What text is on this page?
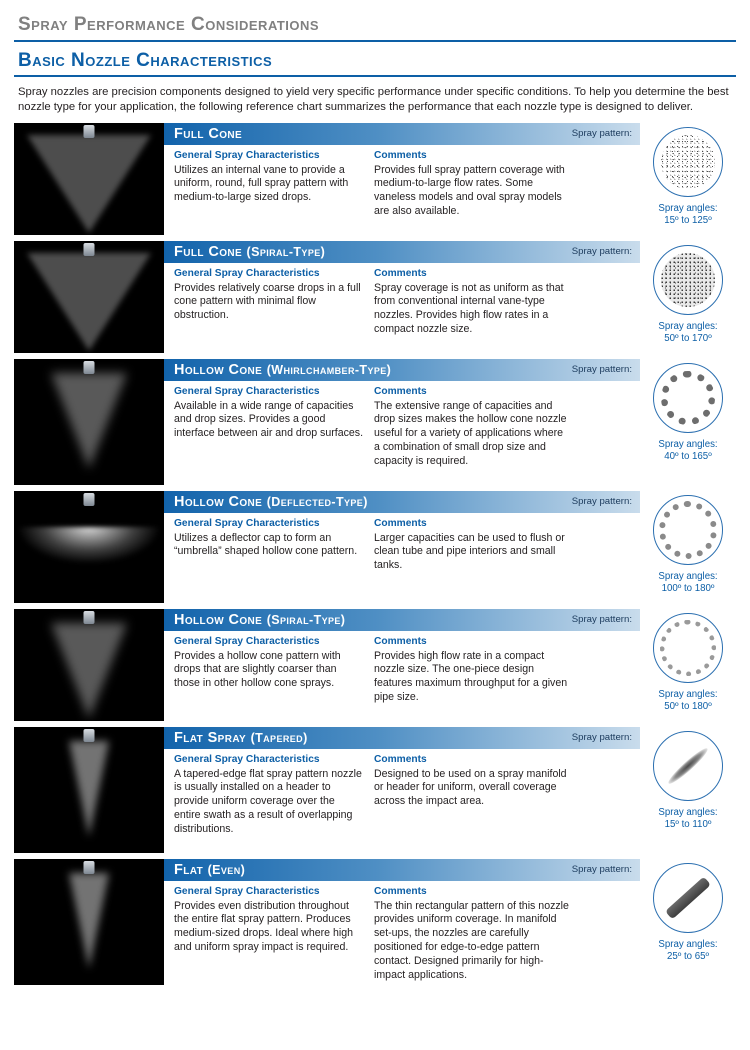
Spray Performance Considerations
Basic Nozzle Characteristics
Spray nozzles are precision components designed to yield very specific performance under specific conditions. To help you determine the best nozzle type for your application, the following reference chart summarizes the performance that each nozzle type is designed to deliver.
Full Cone	Spray pattern:
General Spray Characteristics
Utilizes an internal vane to provide a uniform, round, full spray pattern with medium-to-large sized drops.
Comments
Provides full spray pattern coverage with medium-to-large flow rates. Some vaneless models and oval spray models are also available.	Spray angles:
15º to 125º
Full Cone (Spiral-Type)	Spray pattern:
General Spray Characteristics
Provides relatively coarse drops in a full cone pattern with minimal flow obstruction.
Comments
Spray coverage is not as uniform as that from conventional internal vane-type nozzles. Provides high flow rates in a compact nozzle size.	Spray angles:
50º to 170º
Hollow Cone (Whirlchamber-Type)	Spray pattern:
General Spray Characteristics
Available in a wide range of capacities and drop sizes. Provides a good interface between air and drop surfaces.
Comments
The extensive range of capacities and drop sizes makes the hollow cone nozzle useful for a variety of applications where a combination of small drop size and capacity is required.
Spray angles:
40º to 165º
Hollow Cone (Deflected-Type)	Spray pattern:
General Spray Characteristics
Utilizes a deflector cap to form an “umbrella” shaped hollow cone pattern.
Comments
Larger capacities can be used to flush or clean tube and pipe interiors and small tanks.
Spray angles:
100º to 180º
Hollow Cone (Spiral-Type)	Spray pattern:
General Spray Characteristics
Provides a hollow cone pattern with drops that are slightly coarser than those in other hollow cone sprays.
Comments
Provides high flow rate in a compact nozzle size. The one-piece design features maximum throughput for a given pipe size.	Spray angles:
50º to 180º
Flat Spray (Tapered)	Spray pattern:
General Spray Characteristics
A tapered-edge flat spray pattern nozzle is usually installed on a header to provide uniform coverage over the entire swath as a result of overlapping distributions.
Comments
Designed to be used on a spray manifold or header for uniform, overall coverage across the impact area.
Spray angles:
15º to 110º
Flat (Even)	Spray pattern:
General Spray Characteristics
Provides even distribution throughout the entire flat spray pattern. Produces medium-sized drops. Ideal where high and uniform spray impact is required.
Comments
The thin rectangular pattern of this nozzle provides uniform coverage. In manifold set-ups, the nozzles are carefully positioned for edge-to-edge pattern contact. Designed primarily for high-impact applications.
Spray angles:
25º to 65º
